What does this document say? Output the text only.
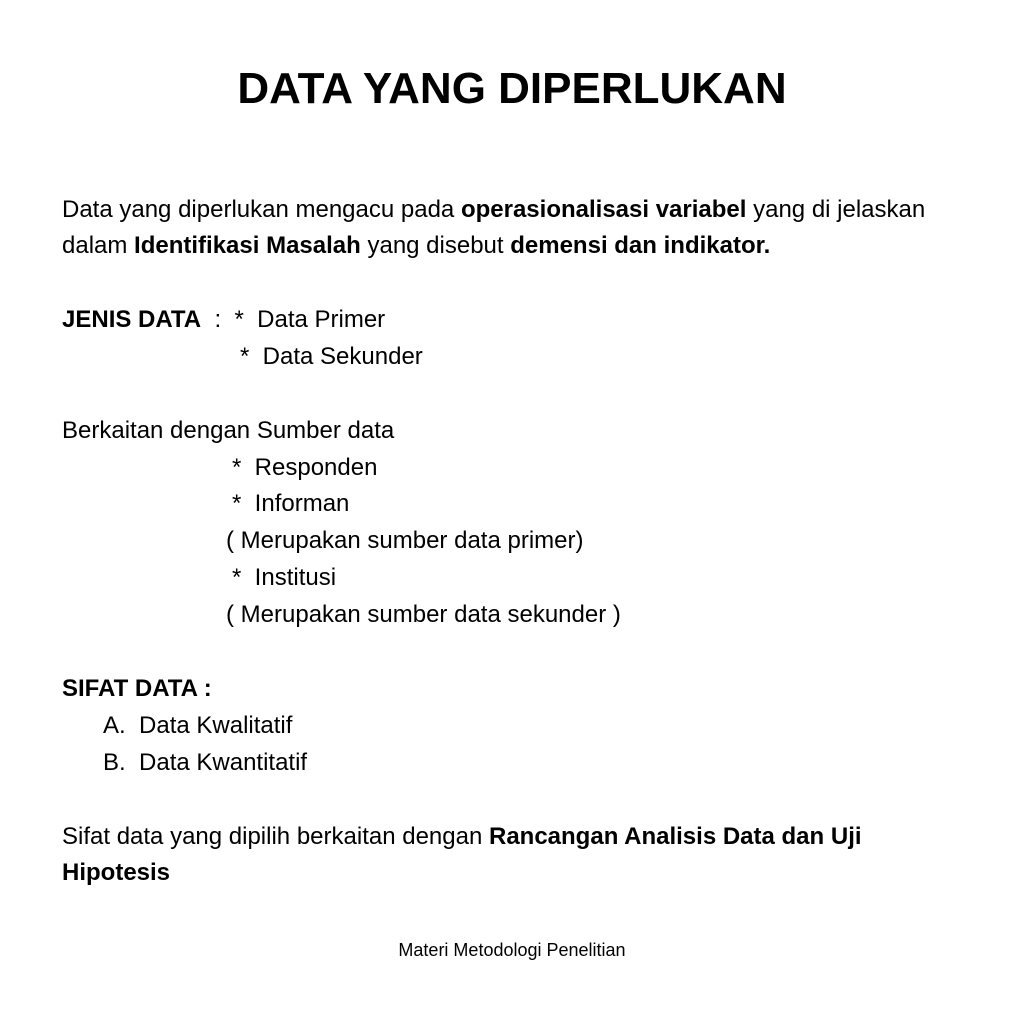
DATA YANG DIPERLUKAN
Data yang diperlukan mengacu pada operasionalisasi variabel yang di jelaskan
dalam Identifikasi Masalah yang disebut demensi dan indikator.
JENIS DATA  :  *  Data Primer
*  Data Sekunder
Berkaitan dengan Sumber data
*  Responden
*  Informan
( Merupakan sumber data primer)
*  Institusi
( Merupakan sumber data sekunder )
SIFAT DATA :
A.  Data Kwalitatif
B.  Data Kwantitatif
Sifat data yang dipilih berkaitan dengan Rancangan Analisis Data dan Uji
Hipotesis
Materi Metodologi Penelitian
